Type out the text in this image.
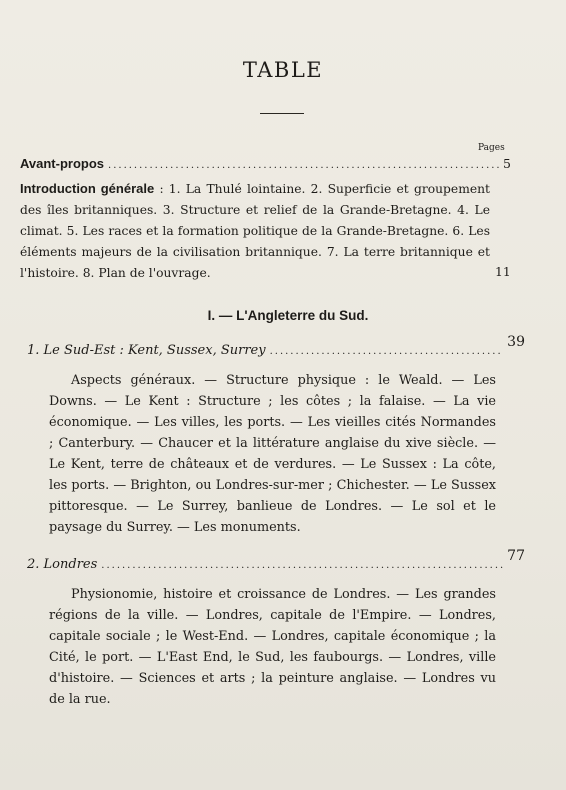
TABLE
Pages
Avant-propos
.....	5
Introduction générale : 1. La Thulé lointaine. 2. Superficie et groupement des îles britanniques. 3. Structure et relief de la Grande-Bretagne. 4. Le climat. 5. Les races et la formation politique de la Grande-Bretagne. 6. Les éléments majeurs de la civilisation britannique. 7. La terre britannique et l'histoire. 8. Plan de l'ouvrage.	11
I. — L'Angleterre du Sud.
1. Le Sud-Est : Kent, Sussex, Surrey
.....
39

Aspects généraux. — Structure physique : le Weald. — Les Downs. — Le Kent : Structure ; les côtes ; la falaise. — La vie économique. — Les villes, les ports. — Les vieilles cités Normandes ; Canterbury. — Chaucer et la littérature anglaise du xive siècle. — Le Kent, terre de châteaux et de verdures. — Le Sussex : La côte, les ports. — Brighton, ou Londres-sur-mer ; Chichester. — Le Sussex pittoresque. — Le Surrey, banlieue de Londres. — Le sol et le paysage du Surrey. — Les monuments.

2. Londres
.....
77

Physionomie, histoire et croissance de Londres. — Les grandes régions de la ville. — Londres, capitale de l'Empire. — Londres, capitale sociale ; le West-End. — Londres, capitale économique ; la Cité, le port. — L'East End, le Sud, les faubourgs. — Londres, ville d'histoire. — Sciences et arts ; la peinture anglaise. — Londres vu de la rue.
